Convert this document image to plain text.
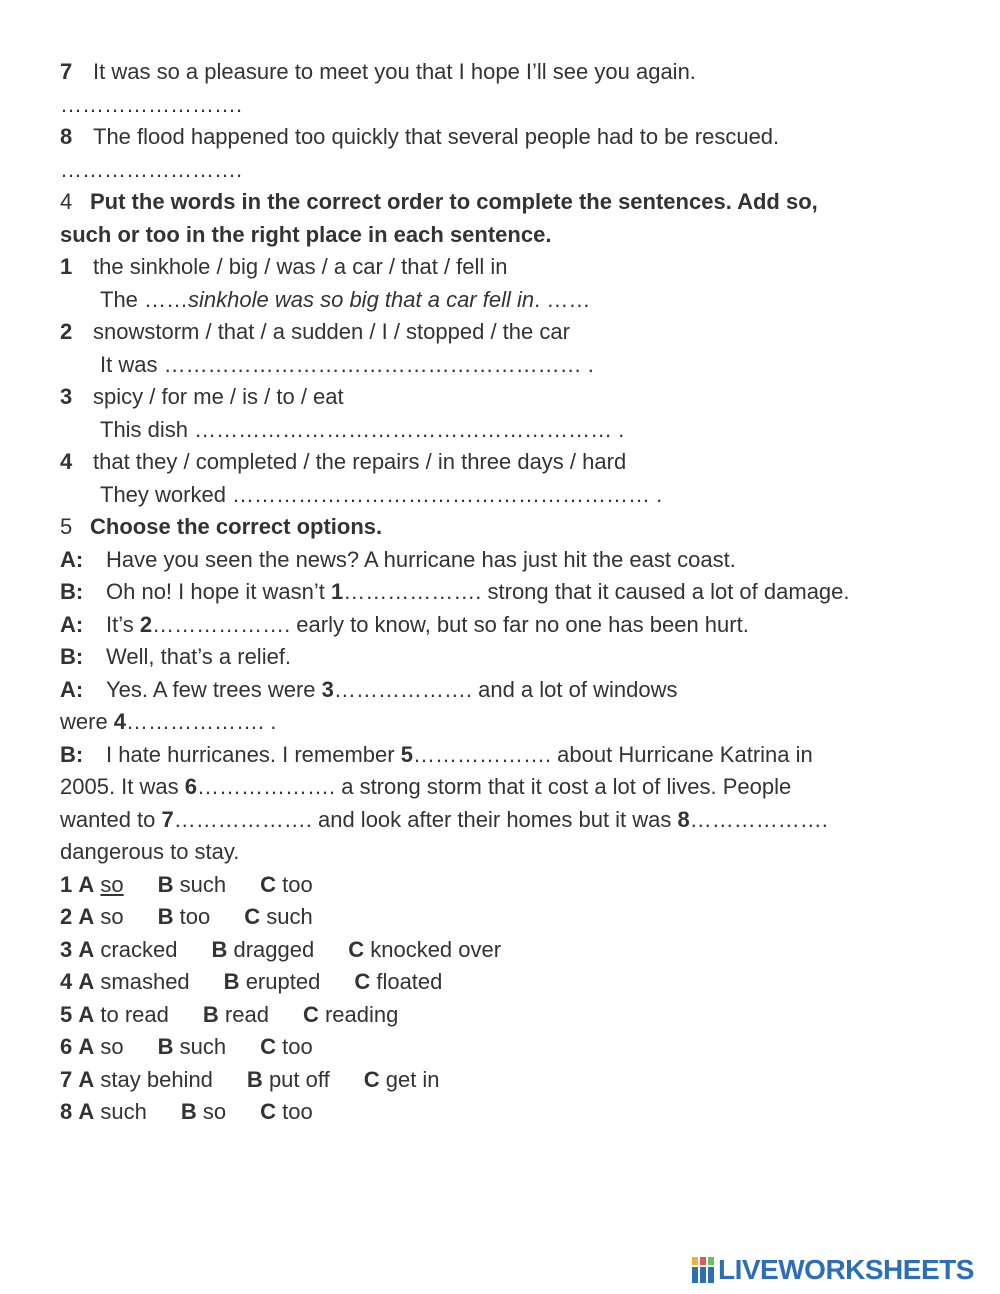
7 It was so a pleasure to meet you that I hope I’ll see you again.
…………………….
8 The flood happened too quickly that several people had to be rescued.
…………………….
4 Put the words in the correct order to complete the sentences. Add so,
such or too in the right place in each sentence.
1 the sinkhole / big / was / a car / that / fell in
The ……sinkhole was so big that a car fell in. ……
2 snowstorm / that / a sudden / I / stopped / the car
It was ………………………………………………… .
3 spicy / for me / is / to / eat
This dish ………………………………………………… .
4 that they / completed / the repairs / in three days / hard
They worked ………………………………………………… .
5 Choose the correct options.
A: Have you seen the news? A hurricane has just hit the east coast.
B: Oh no! I hope it wasn’t 1………………. strong that it caused a lot of damage.
A: It’s 2………………. early to know, but so far no one has been hurt.
B: Well, that’s a relief.
A: Yes. A few trees were 3………………. and a lot of windows
were 4………………. .
B: I hate hurricanes. I remember 5………………. about Hurricane Katrina in
2005. It was 6………………. a strong storm that it cost a lot of lives. People
wanted to 7………………. and look after their homes but it was 8……………….
dangerous to stay.
1 A so B such C too
2 A so B too C such
3 A cracked B dragged C knocked over
4 A smashed B erupted C floated
5 A to read B read C reading
6 A so B such C too
7 A stay behind B put off C get in
8 A such B so C too
LIVEWORKSHEETS
